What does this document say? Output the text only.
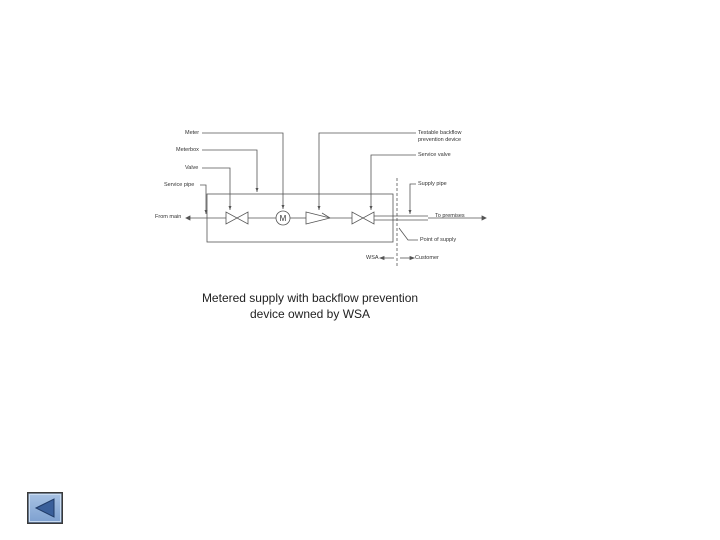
M
Meter
Meterbox
Valve
Service pipe
From main
Testable backflow
prevention device
Service valve
Supply pipe
To premises
Point of supply
WSA	Customer
Metered supply with backflow prevention
device owned by WSA
